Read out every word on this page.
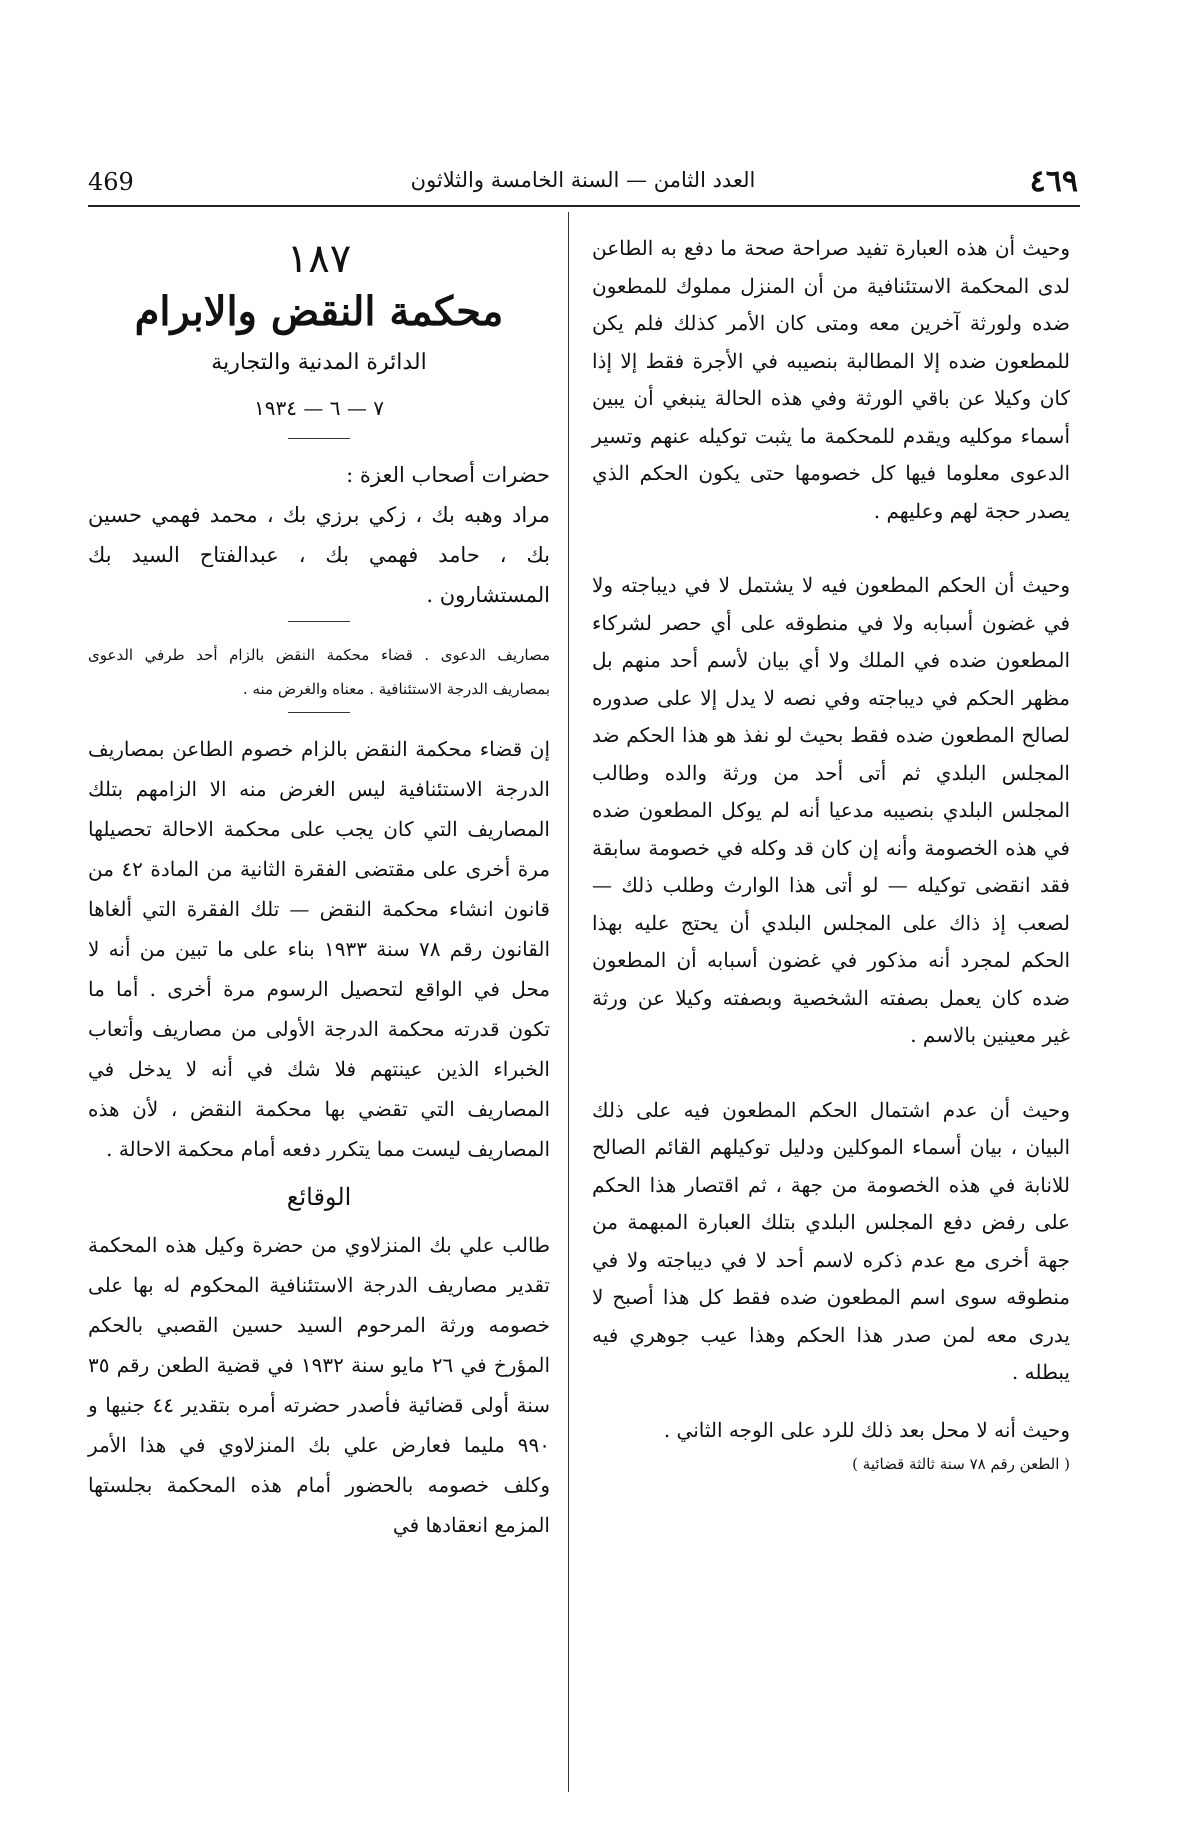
٤٦٩
العدد الثامن — السنة الخامسة والثلاثون
469

وحيث أن هذه العبارة تفيد صراحة صحة ما دفع به الطاعن لدى المحكمة الاستئنافية من أن المنزل مملوك للمطعون ضده ولورثة آخرين معه ومتى كان الأمر كذلك فلم يكن للمطعون ضده إلا المطالبة بنصيبه في الأجرة فقط إلا إذا كان وكيلا عن باقي الورثة وفي هذه الحالة ينبغي أن يبين أسماء موكليه ويقدم للمحكمة ما يثبت توكيله عنهم وتسير الدعوى معلوما فيها كل خصومها حتى يكون الحكم الذي يصدر حجة لهم وعليهم .

وحيث أن الحكم المطعون فيه لا يشتمل لا في ديباجته ولا في غضون أسبابه ولا في منطوقه على أي حصر لشركاء المطعون ضده في الملك ولا أي بيان لأسم أحد منهم بل مظهر الحكم في ديباجته وفي نصه لا يدل إلا على صدوره لصالح المطعون ضده فقط بحيث لو نفذ هو هذا الحكم ضد المجلس البلدي ثم أتى أحد من ورثة والده وطالب المجلس البلدي بنصيبه مدعيا أنه لم يوكل المطعون ضده في هذه الخصومة وأنه إن كان قد وكله في خصومة سابقة فقد انقضى توكيله — لو أتى هذا الوارث وطلب ذلك — لصعب إذ ذاك على المجلس البلدي أن يحتج عليه بهذا الحكم لمجرد أنه مذكور في غضون أسبابه أن المطعون ضده كان يعمل بصفته الشخصية وبصفته وكيلا عن ورثة غير معينين بالاسم .

وحيث أن عدم اشتمال الحكم المطعون فيه على ذلك البيان ، بيان أسماء الموكلين ودليل توكيلهم القائم الصالح للانابة في هذه الخصومة من جهة ، ثم اقتصار هذا الحكم على رفض دفع المجلس البلدي بتلك العبارة المبهمة من جهة أخرى مع عدم ذكره لاسم أحد لا في ديباجته ولا في منطوقه سوى اسم المطعون ضده فقط كل هذا أصبح لا يدرى معه لمن صدر هذا الحكم وهذا عيب جوهري فيه يبطله .

وحيث أنه لا محل بعد ذلك للرد على الوجه الثاني .

( الطعن رقم ٧٨ سنة ثالثة قضائية )

١٨٧
محكمة النقض والابرام
الدائرة المدنية والتجارية
٧ — ٦ — ١٩٣٤

حضرات أصحاب العزة :

مراد وهبه بك ، زكي برزي بك ، محمد فهمي حسين بك ، حامد فهمي بك ، عبدالفتاح السيد بك المستشارون .

مصاريف الدعوى . قضاء محكمة النقض بالزام أحد طرفي الدعوى بمصاريف الدرجة الاستئنافية . معناه والغرض منه .

إن قضاء محكمة النقض بالزام خصوم الطاعن بمصاريف الدرجة الاستئنافية ليس الغرض منه الا الزامهم بتلك المصاريف التي كان يجب على محكمة الاحالة تحصيلها مرة أخرى على مقتضى الفقرة الثانية من المادة ٤٢ من قانون انشاء محكمة النقض — تلك الفقرة التي ألغاها القانون رقم ٧٨ سنة ١٩٣٣ بناء على ما تبين من أنه لا محل في الواقع لتحصيل الرسوم مرة أخرى . أما ما تكون قدرته محكمة الدرجة الأولى من مصاريف وأتعاب الخبراء الذين عينتهم فلا شك في أنه لا يدخل في المصاريف التي تقضي بها محكمة النقض ، لأن هذه المصاريف ليست مما يتكرر دفعه أمام محكمة الاحالة .

الوقائع

طالب علي بك المنزلاوي من حضرة وكيل هذه المحكمة تقدير مصاريف الدرجة الاستئنافية المحكوم له بها على خصومه ورثة المرحوم السيد حسين القصبي بالحكم المؤرخ في ٢٦ مايو سنة ١٩٣٢ في قضية الطعن رقم ٣٥ سنة أولى قضائية فأصدر حضرته أمره بتقدير ٤٤ جنيها و ٩٩٠ مليما فعارض علي بك المنزلاوي في هذا الأمر وكلف خصومه بالحضور أمام هذه المحكمة بجلستها المزمع انعقادها في
